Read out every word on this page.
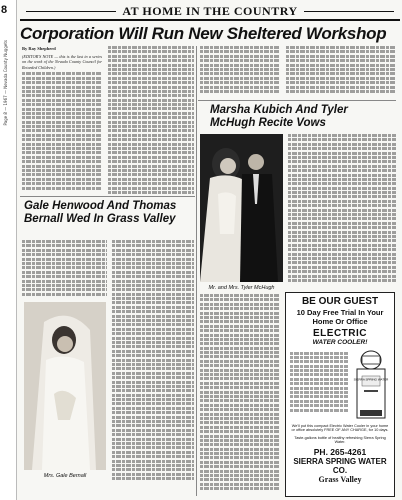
8
Page 8 — 1967 — Nevada County Nuggets
AT HOME IN THE COUNTRY
Corporation Will Run New Sheltered Workshop
By Ray Shepherd
(EDITOR'S NOTE — this is the last in a series on the work of the Nevada County Council for Retarded Children.)
Marsha Kubich And Tyler McHugh Recite Vows
Mr. and Mrs. Tyler McHugh
Gale Henwood And Thomas Bernall Wed In Grass Valley
Mrs. Gale Bernall
BE OUR GUEST
10 Day Free Trial In Your Home Or Office
ELECTRIC
WATER COOLER!
SIERRA SPRING WATER
We'll put this compact Electric Water Cooler in your home or office absolutely FREE OF ANY CHARGE, for 10 days.
Taste-gallons bottle of healthy refreshing Sierra Spring Water.
PH. 265-4261
SIERRA SPRING WATER CO.
Grass Valley
